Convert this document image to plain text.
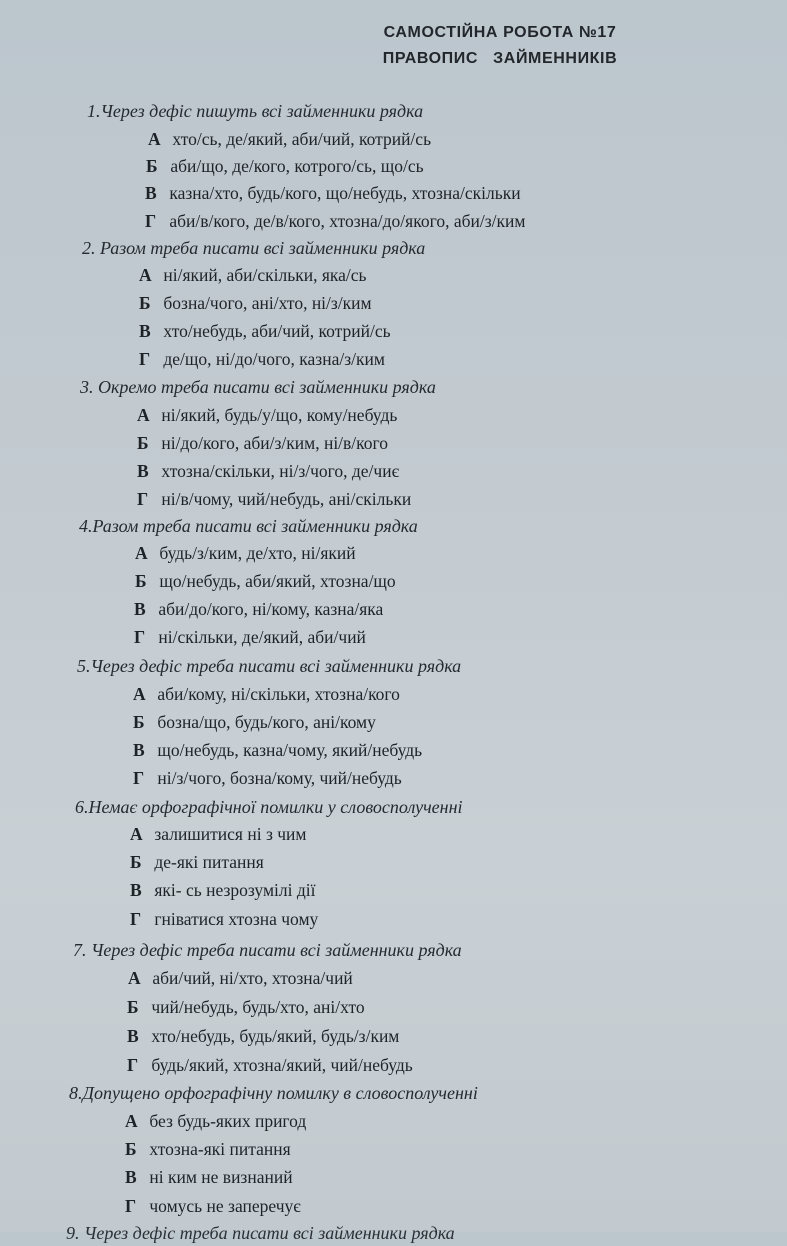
САМОСТІЙНА РОБОТА №17
ПРАВОПИС   ЗАЙМЕННИКІВ
1.Через дефіс пишуть всі займенники рядка
А хто/сь, де/який, аби/чий, котрий/сь
Б аби/що, де/кого, котрого/сь, що/сь
В казна/хто, будь/кого, що/небудь, хтозна/скільки
Г аби/в/кого, де/в/кого, хтозна/до/якого, аби/з/ким
2. Разом треба писати всі займенники рядка
А ні/який, аби/скільки, яка/сь
Б бозна/чого, ані/хто, ні/з/ким
В хто/небудь, аби/чий, котрий/сь
Г де/що, ні/до/чого, казна/з/ким
3. Окремо треба писати всі займенники рядка
А ні/який, будь/у/що, кому/небудь
Б ні/до/кого, аби/з/ким, ні/в/кого
В хтозна/скільки, ні/з/чого, де/чиє
Г ні/в/чому, чий/небудь, ані/скільки
4.Разом треба писати всі займенники рядка
А будь/з/ким, де/хто, ні/який
Б що/небудь, аби/який, хтозна/що
В аби/до/кого, ні/кому, казна/яка
Г ні/скільки, де/який, аби/чий
5.Через дефіс треба писати всі займенники рядка
А аби/кому, ні/скільки, хтозна/кого
Б бозна/що, будь/кого, ані/кому
В що/небудь, казна/чому, який/небудь
Г ні/з/чого, бозна/кому, чий/небудь
6.Немає орфографічної помилки у словосполученні
А залишитися ні з чим
Б де-які питання
В які- сь незрозумілі дії
Г гніватися хтозна чому
7. Через дефіс треба писати всі займенники рядка
А аби/чий, ні/хто, хтозна/чий
Б чий/небудь, будь/хто, ані/хто
В хто/небудь, будь/який, будь/з/ким
Г будь/який, хтозна/який, чий/небудь
8.Допущено орфографічну помилку в словосполученні
А без будь-яких пригод
Б хтозна-які питання
В ні ким не визнаний
Г чомусь не заперечує
9. Через дефіс треба писати всі займенники рядка
